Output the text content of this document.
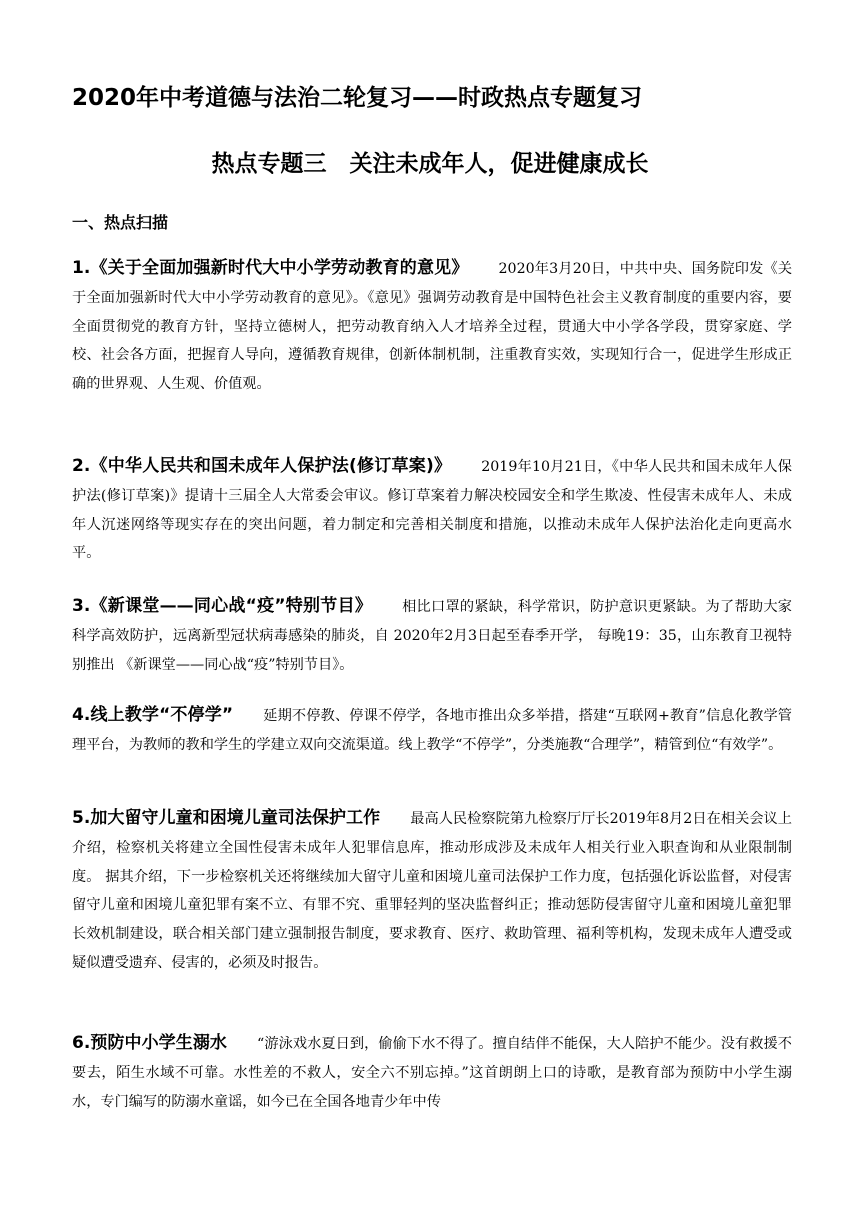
2020年中考道德与法治二轮复习——时政热点专题复习
热点专题三　关注未成年人，促进健康成长
一、热点扫描

1.《关于全面加强新时代大中小学劳动教育的意见》 2020年3月20日，中共中央、国务院印发《关于全面加强新时代大中小学劳动教育的意见》。《意见》强调劳动教育是中国特色社会主义教育制度的重要内容，要全面贯彻党的教育方针，坚持立德树人，把劳动教育纳入人才培养全过程，贯通大中小学各学段，贯穿家庭、学校、社会各方面，把握育人导向，遵循教育规律，创新体制机制，注重教育实效，实现知行合一，促进学生形成正确的世界观、人生观、价值观。

2.《中华人民共和国未成年人保护法(修订草案)》 2019年10月21日，《中华人民共和国未成年人保护法(修订草案)》提请十三届全人大常委会审议。修订草案着力解决校园安全和学生欺凌、性侵害未成年人、未成年人沉迷网络等现实存在的突出问题，着力制定和完善相关制度和措施，以推动未成年人保护法治化走向更高水平。

3.《新课堂——同心战“疫”特别节目》 相比口罩的紧缺，科学常识，防护意识更紧缺。为了帮助大家科学高效防护，远离新型冠状病毒感染的肺炎，自 2020年2月3日起至春季开学， 每晚19：35，山东教育卫视特别推出 《新课堂——同心战“疫”特别节目》。

4.线上教学“不停学” 延期不停教、停课不停学，各地市推出众多举措，搭建“互联网+教育”信息化教学管理平台，为教师的教和学生的学建立双向交流渠道。线上教学“不停学”，分类施教“合理学”，精管到位“有效学”。

5.加大留守儿童和困境儿童司法保护工作 最高人民检察院第九检察厅厅长2019年8月2日在相关会议上介绍，检察机关将建立全国性侵害未成年人犯罪信息库，推动形成涉及未成年人相关行业入职查询和从业限制制度。 据其介绍，下一步检察机关还将继续加大留守儿童和困境儿童司法保护工作力度，包括强化诉讼监督，对侵害留守儿童和困境儿童犯罪有案不立、有罪不究、重罪轻判的坚决监督纠正；推动惩防侵害留守儿童和困境儿童犯罪长效机制建设，联合相关部门建立强制报告制度，要求教育、医疗、救助管理、福利等机构，发现未成年人遭受或疑似遭受遗弃、侵害的，必须及时报告。

6.预防中小学生溺水 “游泳戏水夏日到，偷偷下水不得了。擅自结伴不能保，大人陪护不能少。没有救援不要去，陌生水域不可靠。水性差的不救人，安全六不别忘掉。”这首朗朗上口的诗歌，是教育部为预防中小学生溺水，专门编写的防溺水童谣，如今已在全国各地青少年中传
